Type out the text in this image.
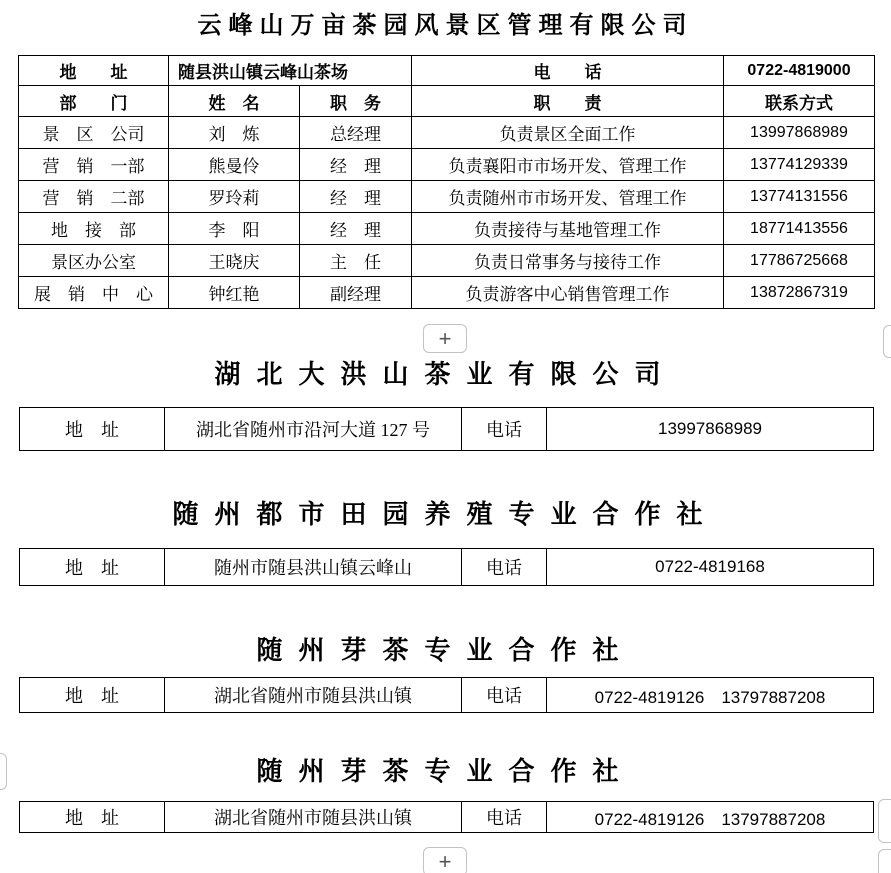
云峰山万亩茶园风景区管理有限公司
地　　址	随县洪山镇云峰山茶场		电　　话	0722-4819000
部　　门	姓　名	职　务	职　　责	联系方式
景　区　公司	刘　炼	总经理	负责景区全面工作	13997868989
营　销　一部	熊曼伶	经　理	负责襄阳市市场开发、管理工作	13774129339
营　销　二部	罗玲莉	经　理	负责随州市市场开发、管理工作	13774131556
地　接　部	李　阳	经　理	负责接待与基地管理工作	18771413556
景区办公室	王晓庆	主　任	负责日常事务与接待工作	17786725668
展　销　中　心	钟红艳	副经理	负责游客中心销售管理工作	13872867319
+
湖北大洪山茶业有限公司
地　址	湖北省随州市沿河大道 127 号	电话	13997868989
随州都市田园养殖专业合作社
地　址	随州市随县洪山镇云峰山	电话	0722-4819168
随州芽茶专业合作社
地　址	湖北省随州市随县洪山镇	电话	0722-4819126　13797887208
随州芽茶专业合作社
地　址	湖北省随州市随县洪山镇	电话	0722-4819126　13797887208
+
